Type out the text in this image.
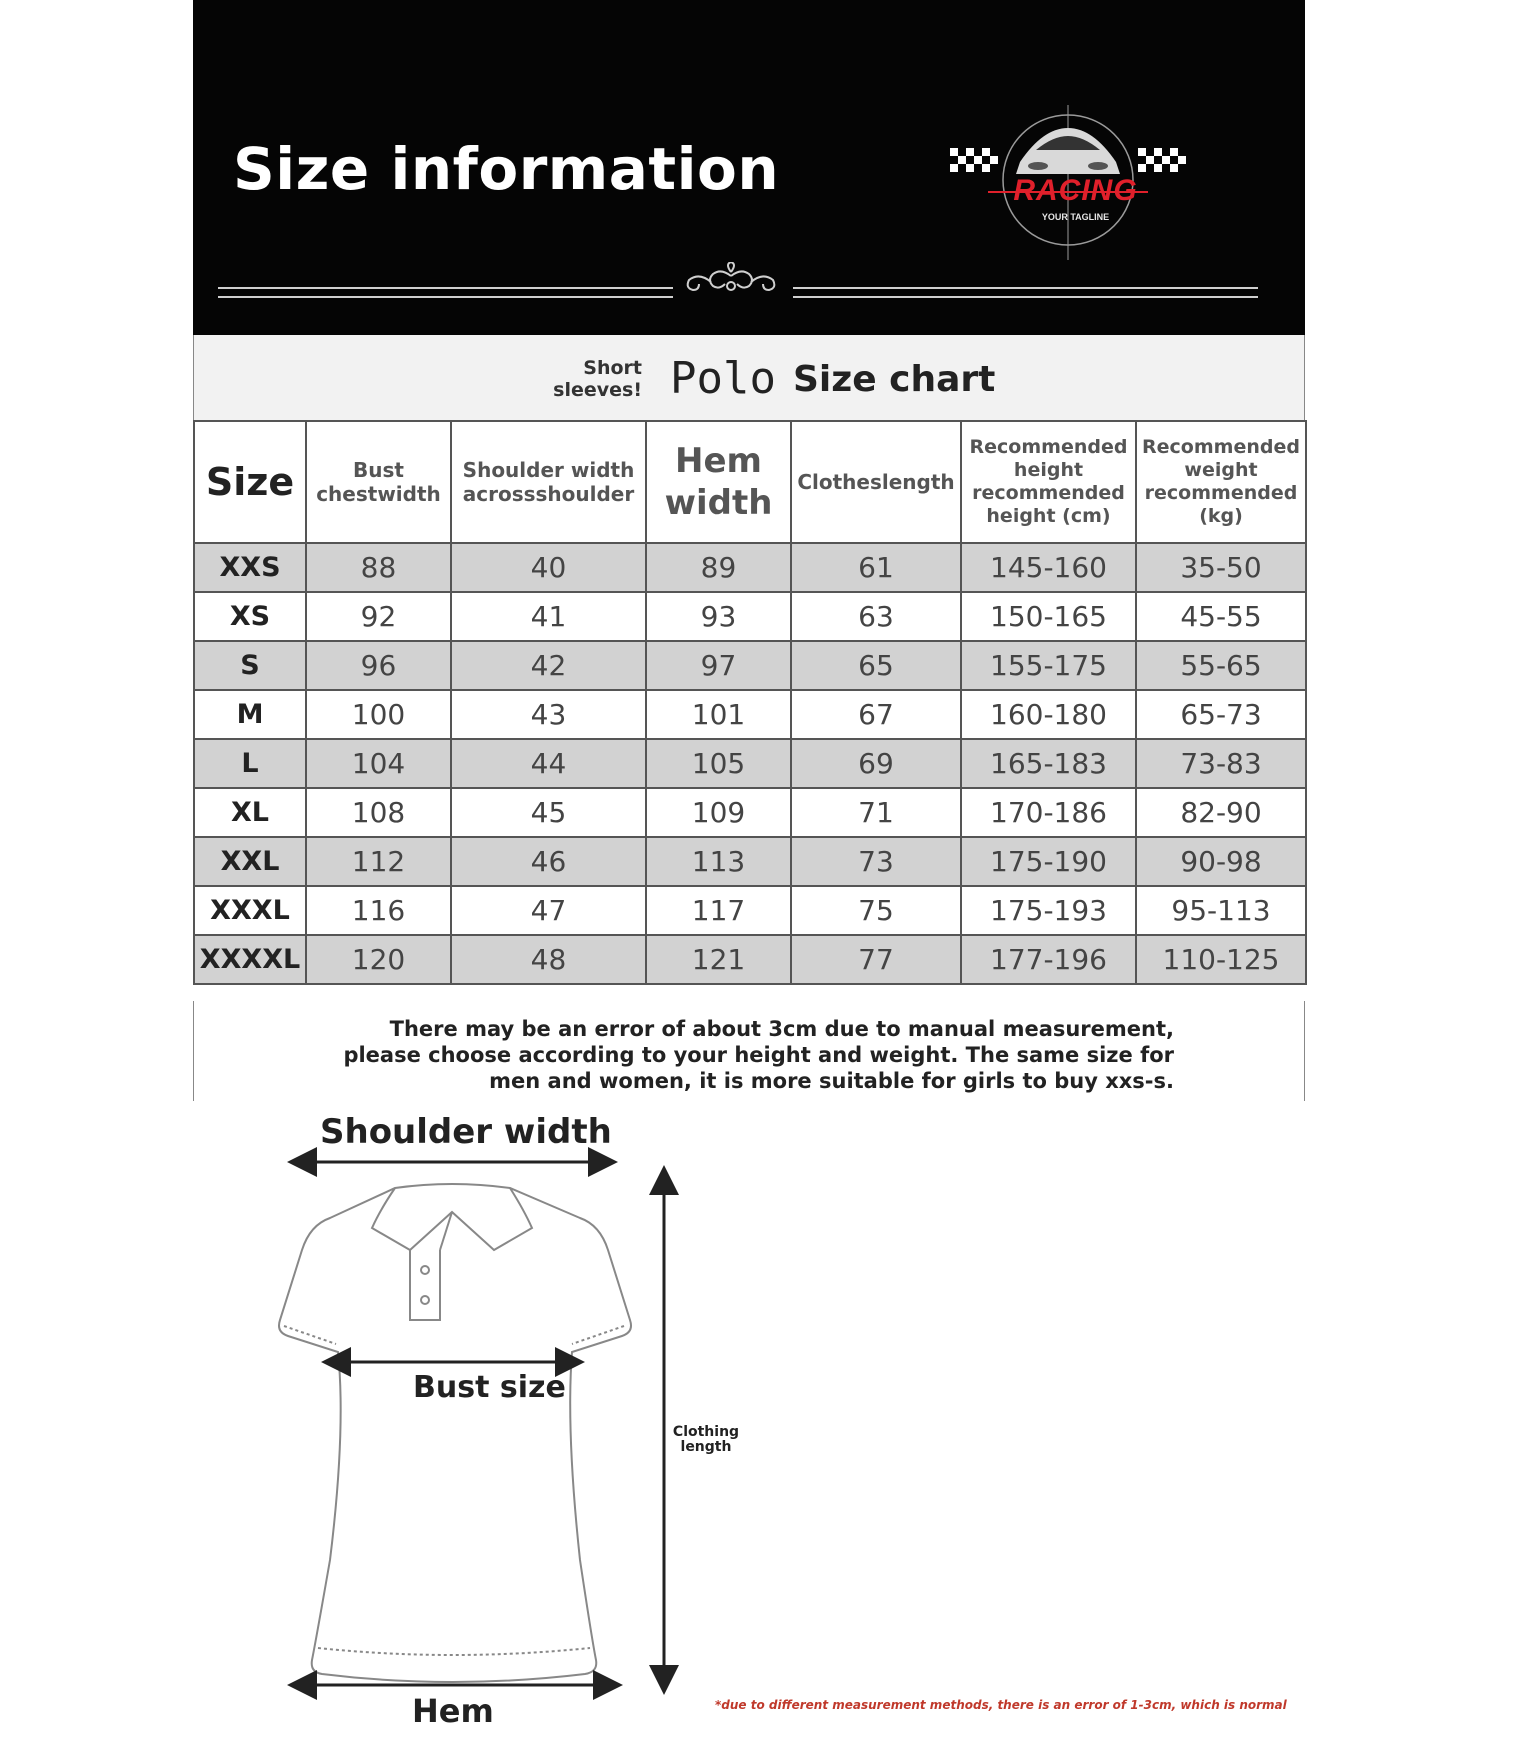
Size information	RACING
YOUR TAGLINE
Short sleeves! Polo Size chart
Size	Bust chestwidth	Shoulder width acrossshoulder	Hem width	Clotheslength	Recommended height recommended height (cm)	Recommended weight recommended (kg)
XXS	88	40	89	61	145-160	35-50
XS	92	41	93	63	150-165	45-55
S	96	42	97	65	155-175	55-65
M	100	43	101	67	160-180	65-73
L	104	44	105	69	165-183	73-83
XL	108	45	109	71	170-186	82-90
XXL	112	46	113	73	175-190	90-98
XXXL	116	47	117	75	175-193	95-113
XXXXL	120	48	121	77	177-196	110-125
There may be an error of about 3cm due to manual measurement, please choose according to your height and weight. The same size for men and women, it is more suitable for girls to buy xxs-s.
Shoulder width
Bust size
Hem
Clothing length
*due to different measurement methods, there is an error of 1-3cm, which is normal
